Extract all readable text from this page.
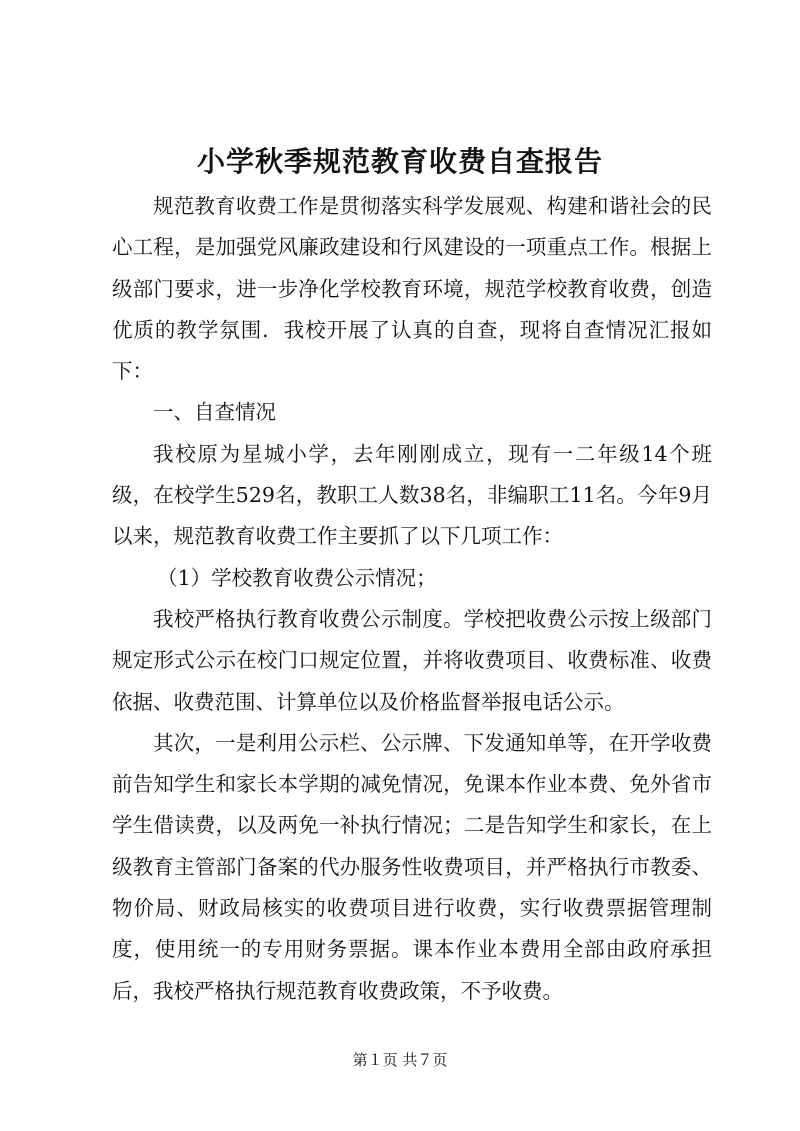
小学秋季规范教育收费自查报告

规范教育收费工作是贯彻落实科学发展观、构建和谐社会的民心工程，是加强党风廉政建设和行风建设的一项重点工作。根据上级部门要求，进一步净化学校教育环境，规范学校教育收费，创造优质的教学氛围．我校开展了认真的自查，现将自查情况汇报如下：

一、自查情况

我校原为星城小学，去年刚刚成立，现有一二年级14个班级，在校学生529名，教职工人数38名，非编职工11名。今年9月以来，规范教育收费工作主要抓了以下几项工作：

（1）学校教育收费公示情况；

我校严格执行教育收费公示制度。学校把收费公示按上级部门规定形式公示在校门口规定位置，并将收费项目、收费标准、收费依据、收费范围、计算单位以及价格监督举报电话公示。

其次，一是利用公示栏、公示牌、下发通知单等，在开学收费前告知学生和家长本学期的减免情况，免课本作业本费、免外省市学生借读费，以及两免一补执行情况；二是告知学生和家长，在上级教育主管部门备案的代办服务性收费项目，并严格执行市教委、物价局、财政局核实的收费项目进行收费，实行收费票据管理制度，使用统一的专用财务票据。课本作业本费用全部由政府承担后，我校严格执行规范教育收费政策，不予收费。

第１页 共７页
